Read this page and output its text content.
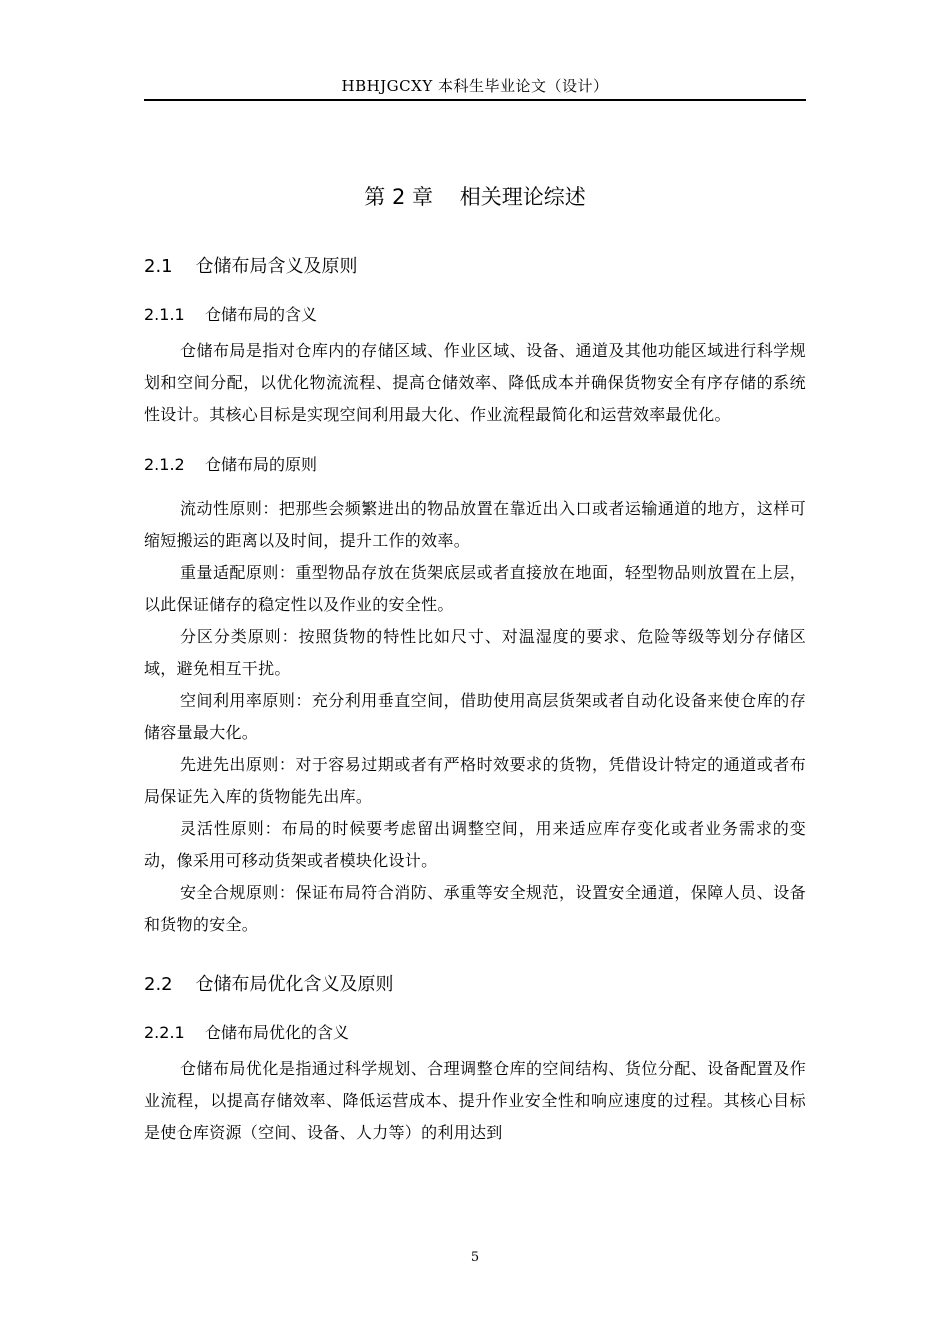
HBHJGCXY 本科生毕业论文（设计）
第 2 章    相关理论综述
2.1    仓储布局含义及原则
2.1.1    仓储布局的含义

仓储布局是指对仓库内的存储区域、作业区域、设备、通道及其他功能区域进行科学规划和空间分配，以优化物流流程、提高仓储效率、降低成本并确保货物安全有序存储的系统性设计。其核心目标是实现空间利用最大化、作业流程最简化和运营效率最优化。

2.1.2    仓储布局的原则

流动性原则：把那些会频繁进出的物品放置在靠近出入口或者运输通道的地方，这样可缩短搬运的距离以及时间，提升工作的效率。

重量适配原则：重型物品存放在货架底层或者直接放在地面，轻型物品则放置在上层，以此保证储存的稳定性以及作业的安全性。

分区分类原则：按照货物的特性比如尺寸、对温湿度的要求、危险等级等划分存储区域，避免相互干扰。

空间利用率原则：充分利用垂直空间，借助使用高层货架或者自动化设备来使仓库的存储容量最大化。

先进先出原则：对于容易过期或者有严格时效要求的货物，凭借设计特定的通道或者布局保证先入库的货物能先出库。

灵活性原则：布局的时候要考虑留出调整空间，用来适应库存变化或者业务需求的变动，像采用可移动货架或者模块化设计。

安全合规原则：保证布局符合消防、承重等安全规范，设置安全通道，保障人员、设备和货物的安全。

2.2    仓储布局优化含义及原则
2.2.1    仓储布局优化的含义

仓储布局优化是指通过科学规划、合理调整仓库的空间结构、货位分配、设备配置及作业流程，以提高存储效率、降低运营成本、提升作业安全性和响应速度的过程。其核心目标是使仓库资源（空间、设备、人力等）的利用达到

5
